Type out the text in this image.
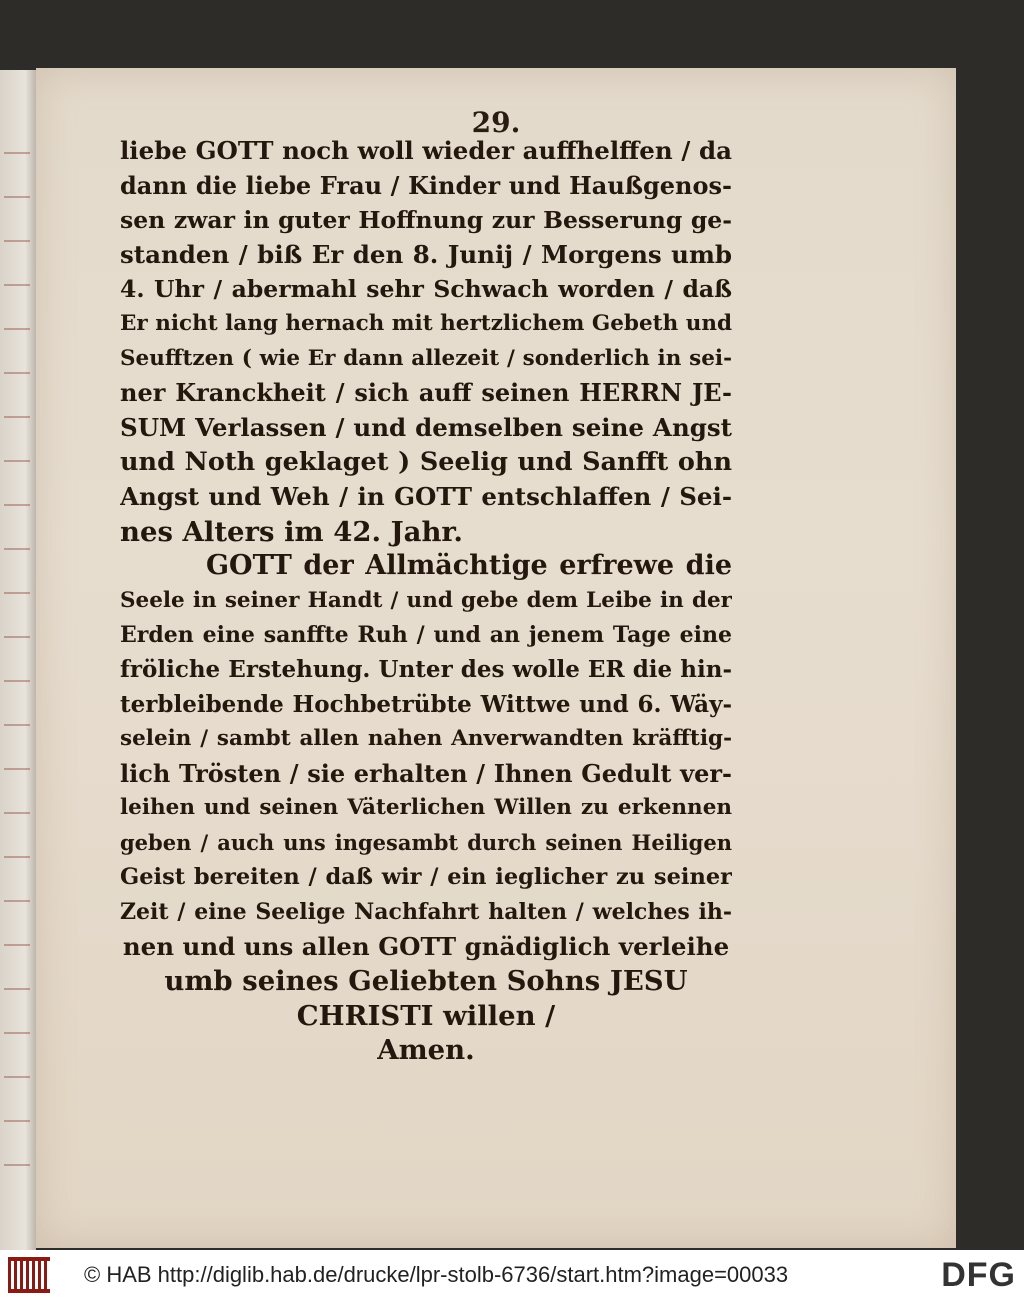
29.
liebe GOTT noch woll wieder auffhelffen / da
dann die liebe Frau / Kinder und Haußgenos-
sen zwar in guter Hoffnung zur Besserung ge-
standen / biß Er den 8. Junij / Morgens umb
4. Uhr / abermahl sehr Schwach worden / daß
Er nicht lang hernach mit hertzlichem Gebeth und
Seufftzen ( wie Er dann allezeit / sonderlich in sei-
ner Kranckheit / sich auff seinen HERRN JE-
SUM Verlassen / und demselben seine Angst
und Noth geklaget ) Seelig und Sanfft ohn
Angst und Weh / in GOTT entschlaffen / Sei-
nes Alters im 42. Jahr.
GOTT der Allmächtige erfrewe die
Seele in seiner Handt / und gebe dem Leibe in der
Erden eine sanffte Ruh / und an jenem Tage eine
fröliche Erstehung. Unter des wolle ER die hin-
terbleibende Hochbetrübte Wittwe und 6. Wäy-
selein / sambt allen nahen Anverwandten kräfftig-
lich Trösten / sie erhalten / Ihnen Gedult ver-
leihen und seinen Väterlichen Willen zu erkennen
geben / auch uns ingesambt durch seinen Heiligen
Geist bereiten / daß wir / ein ieglicher zu seiner
Zeit / eine Seelige Nachfahrt halten / welches ih-
nen und uns allen GOTT gnädiglich verleihe
umb seines Geliebten Sohns JESU
CHRISTI willen /
Amen.
© HAB http://diglib.hab.de/drucke/lpr-stolb-6736/start.htm?image=00033	DFG
